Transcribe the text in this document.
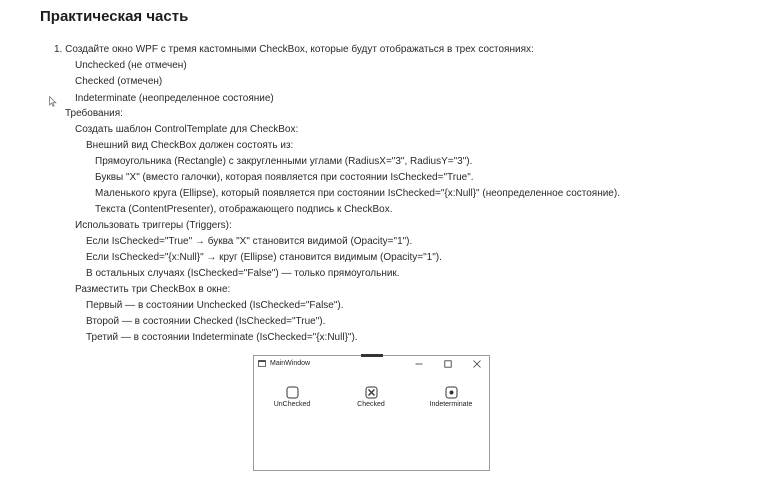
Практическая часть
1. Создайте окно WPF с тремя кастомными CheckBox, которые будут отображаться в трех состояниях:
Unchecked (не отмечен)
Checked (отмечен)
Indeterminate (неопределенное состояние)
Требования:
Создать шаблон ControlTemplate для CheckBox:
Внешний вид CheckBox должен состоять из:
Прямоугольника (Rectangle) с закругленными углами (RadiusX="3", RadiusY="3").
Буквы "X" (вместо галочки), которая появляется при состоянии IsChecked="True".
Маленького круга (Ellipse), который появляется при состоянии IsChecked="{x:Null}" (неопределенное состояние).
Текста (ContentPresenter), отображающего подпись к CheckBox.
Использовать триггеры (Triggers):
Если IsChecked="True" → буква "X" становится видимой (Opacity="1").
Если IsChecked="{x:Null}" → круг (Ellipse) становится видимым (Opacity="1").
В остальных случаях (IsChecked="False") — только прямоугольник.
Разместить три CheckBox в окне:
Первый — в состоянии Unchecked (IsChecked="False").
Второй — в состоянии Checked (IsChecked="True").
Третий — в состоянии Indeterminate (IsChecked="{x:Null}").
MainWindow
UnChecked	Checked	Indeterminate
